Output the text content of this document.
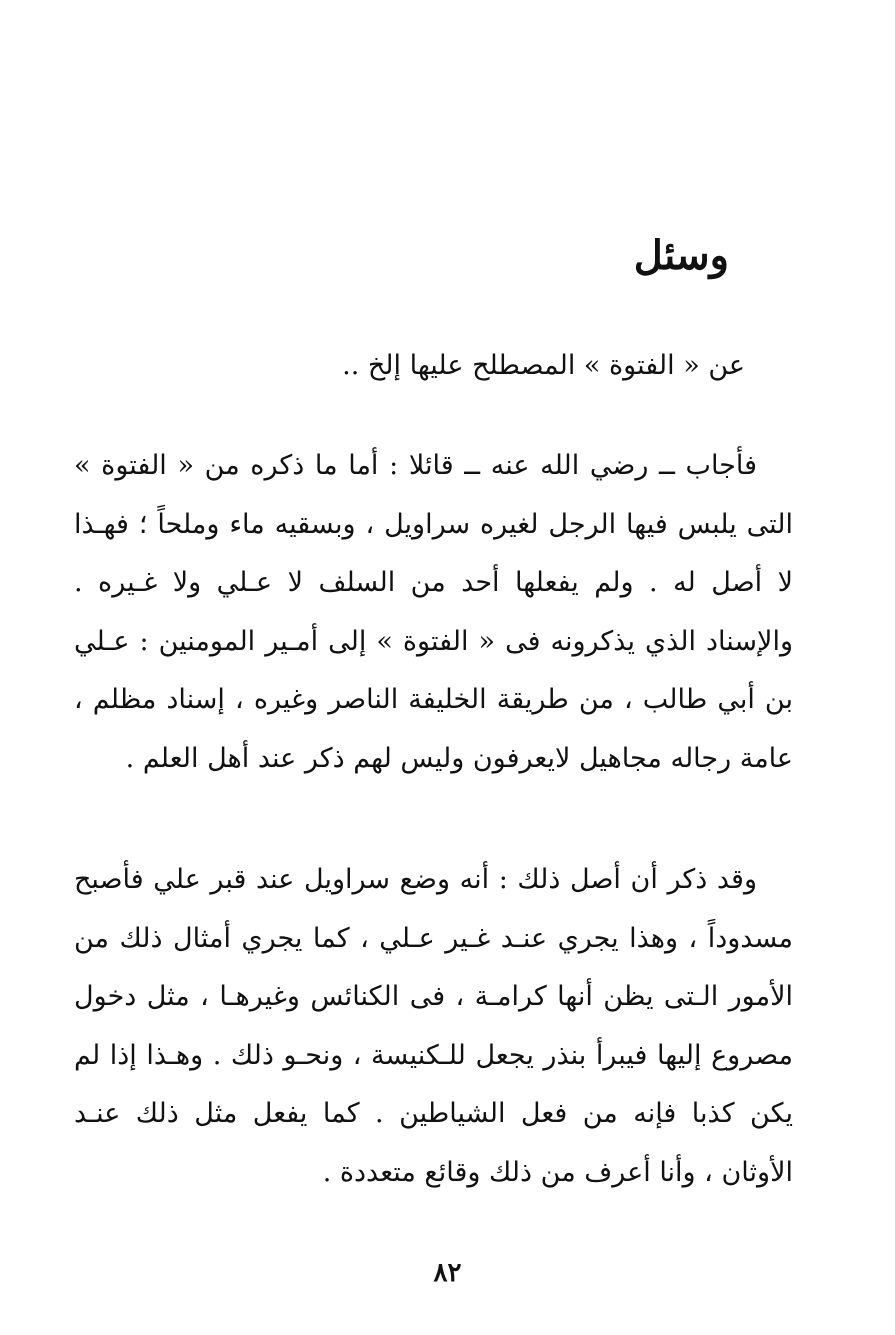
وسئل

عن « الفتوة » المصطلح عليها إلخ ..

فأجاب ــ رضي الله عنه ــ قائلا : أما ما ذكره من « الفتوة » التى يلبس فيها الرجل لغيره سراويل ، وبسقيه ماء وملحاً ؛ فهـذا لا أصل له . ولم يفعلها أحد من السلف لا عـلي ولا غـيره . والإسناد الذي يذكرونه فى « الفتوة » إلى أمـير المومنين : عـلي بن أبي طالب ، من طريقة الخليفة الناصر وغيره ، إسناد مظلم ، عامة رجاله مجاهيل لايعرفون وليس لهم ذكر عند أهل العلم .

وقد ذكر أن أصل ذلك : أنه وضع سراويل عند قبر علي فأصبح مسدوداً ، وهذا يجري عنـد غـير عـلي ، كما يجري أمثال ذلك من الأمور الـتى يظن أنها كرامـة ، فى الكنائس وغيرهـا ، مثل دخول مصروع إليها فيبرأ بنذر يجعل للـكنيسة ، ونحـو ذلك . وهـذا إذا لم يكن كذبا فإنه من فعل الشياطين . كما يفعل مثل ذلك عنـد الأوثان ، وأنا أعرف من ذلك وقائع متعددة .

٨٢
